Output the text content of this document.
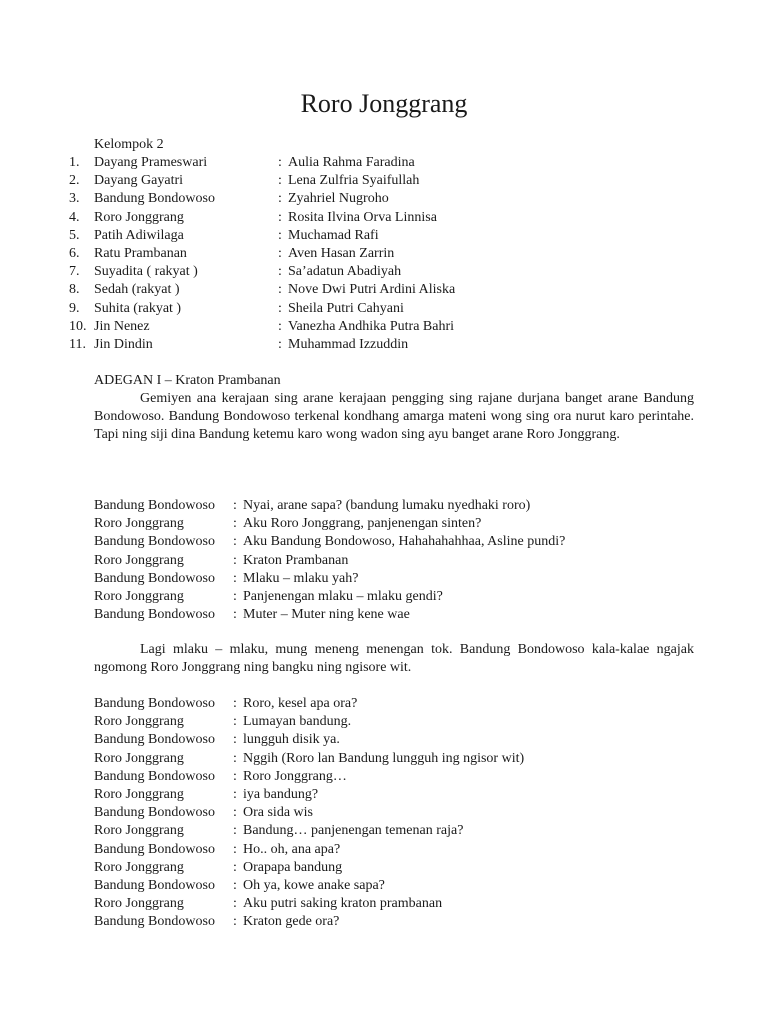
Roro Jonggrang
Kelompok 2
1. Dayang Prameswari	: Aulia Rahma Faradina
2. Dayang Gayatri	: Lena Zulfria Syaifullah
3. Bandung Bondowoso	: Zyahriel Nugroho
4. Roro Jonggrang	: Rosita Ilvina Orva Linnisa
5. Patih Adiwilaga	: Muchamad Rafi
6. Ratu Prambanan	: Aven Hasan Zarrin
7. Suyadita ( rakyat )	: Sa’adatun Abadiyah
8. Sedah (rakyat )	: Nove Dwi Putri Ardini Aliska
9. Suhita (rakyat )	: Sheila Putri Cahyani
10. Jin Nenez	: Vanezha Andhika Putra Bahri
11. Jin Dindin	: Muhammad Izzuddin
ADEGAN I – Kraton Prambanan
Gemiyen ana kerajaan sing arane kerajaan pengging sing rajane durjana banget arane Bandung Bondowoso. Bandung Bondowoso terkenal kondhang amarga mateni wong sing ora nurut karo perintahe. Tapi ning siji dina Bandung ketemu karo wong wadon sing ayu banget arane Roro Jonggrang.
Bandung Bondowoso : Nyai, arane sapa? (bandung lumaku nyedhaki roro)
Roro Jonggrang	: Aku Roro Jonggrang, panjenengan sinten?
Bandung Bondowoso : Aku Bandung Bondowoso, Hahahahahhaa, Asline pundi?
Roro Jonggrang	: Kraton Prambanan
Bandung Bondowoso : Mlaku – mlaku yah?
Roro Jonggrang	: Panjenengan mlaku – mlaku gendi?
Bandung Bondowoso : Muter – Muter ning kene wae
Lagi mlaku – mlaku, mung meneng menengan tok. Bandung Bondowoso kala-kalae ngajak ngomong Roro Jonggrang ning bangku ning ngisore wit.
Bandung Bondowoso : Roro, kesel apa ora?
Roro Jonggrang	: Lumayan bandung.
Bandung Bondowoso : lungguh disik ya.
Roro Jonggrang	: Nggih (Roro lan Bandung lungguh ing ngisor wit)
Bandung Bondowoso : Roro Jonggrang…
Roro Jonggrang	: iya bandung?
Bandung Bondowoso : Ora sida wis
Roro Jonggrang	: Bandung… panjenengan temenan raja?
Bandung Bondowoso : Ho.. oh, ana apa?
Roro Jonggrang	: Orapapa bandung
Bandung Bondowoso : Oh ya, kowe anake sapa?
Roro Jonggrang	: Aku putri saking kraton prambanan
Bandung Bondowoso : Kraton gede ora?
